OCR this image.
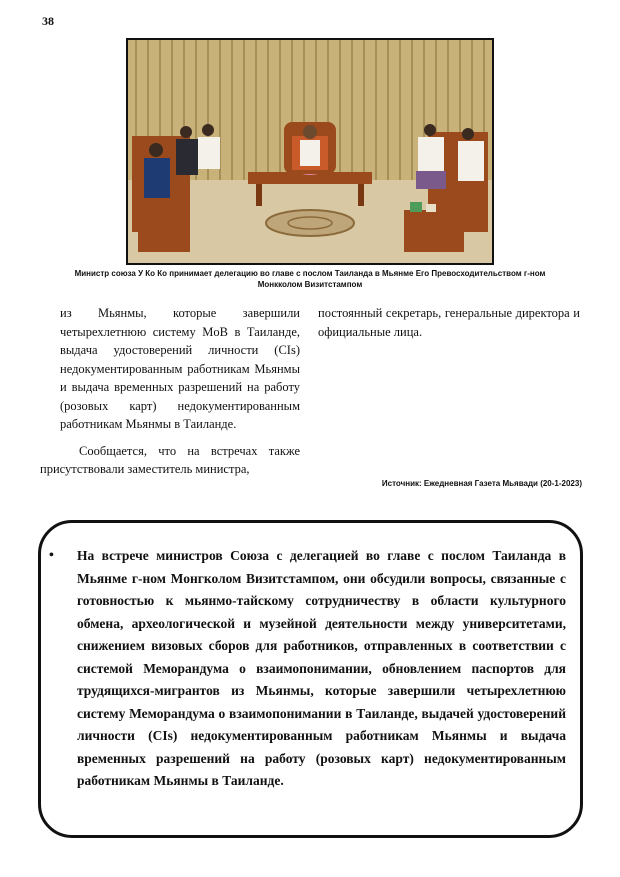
38
Министр союза У Ко Ко принимает делегацию во главе с послом Таиланда в Мьянме Его Превосходительством г-ном Монкколом Визитстампом

из Мьянмы, которые завершили четырехлетнюю систему MoB в Таиланде, выдача удостоверений личности (CIs) недокументированным работникам Мьянмы и выдача временных разрешений на работу (розовых карт) недокументированным работникам Мьянмы в Таиланде.

Сообщается, что на встречах также присутствовали заместитель министра,

постоянный секретарь, генеральные директора и официальные лица.

Источник: Ежедневная Газета Мьявади (20-1-2023)
• На встрече министров Союза с делегацией во главе с послом Таиланда в Мьянме г-ном Монгколом Визитстампом, они обсудили вопросы, связанные с готовностью к мьянмо-тайскому сотрудничеству в области культурного обмена, археологической и музейной деятельности между университетами, снижением визовых сборов для работников, отправленных в соответствии с системой Меморандума о взаимопонимании, обновлением паспортов для трудящихся-мигрантов из Мьянмы, которые завершили четырехлетнюю систему Меморандума о взаимопонимании в Таиланде, выдачей удостоверений личности (CIs) недокументированным работникам Мьянмы и выдача временных разрешений на работу (розовых карт) недокументированным работникам Мьянмы в Таиланде.
